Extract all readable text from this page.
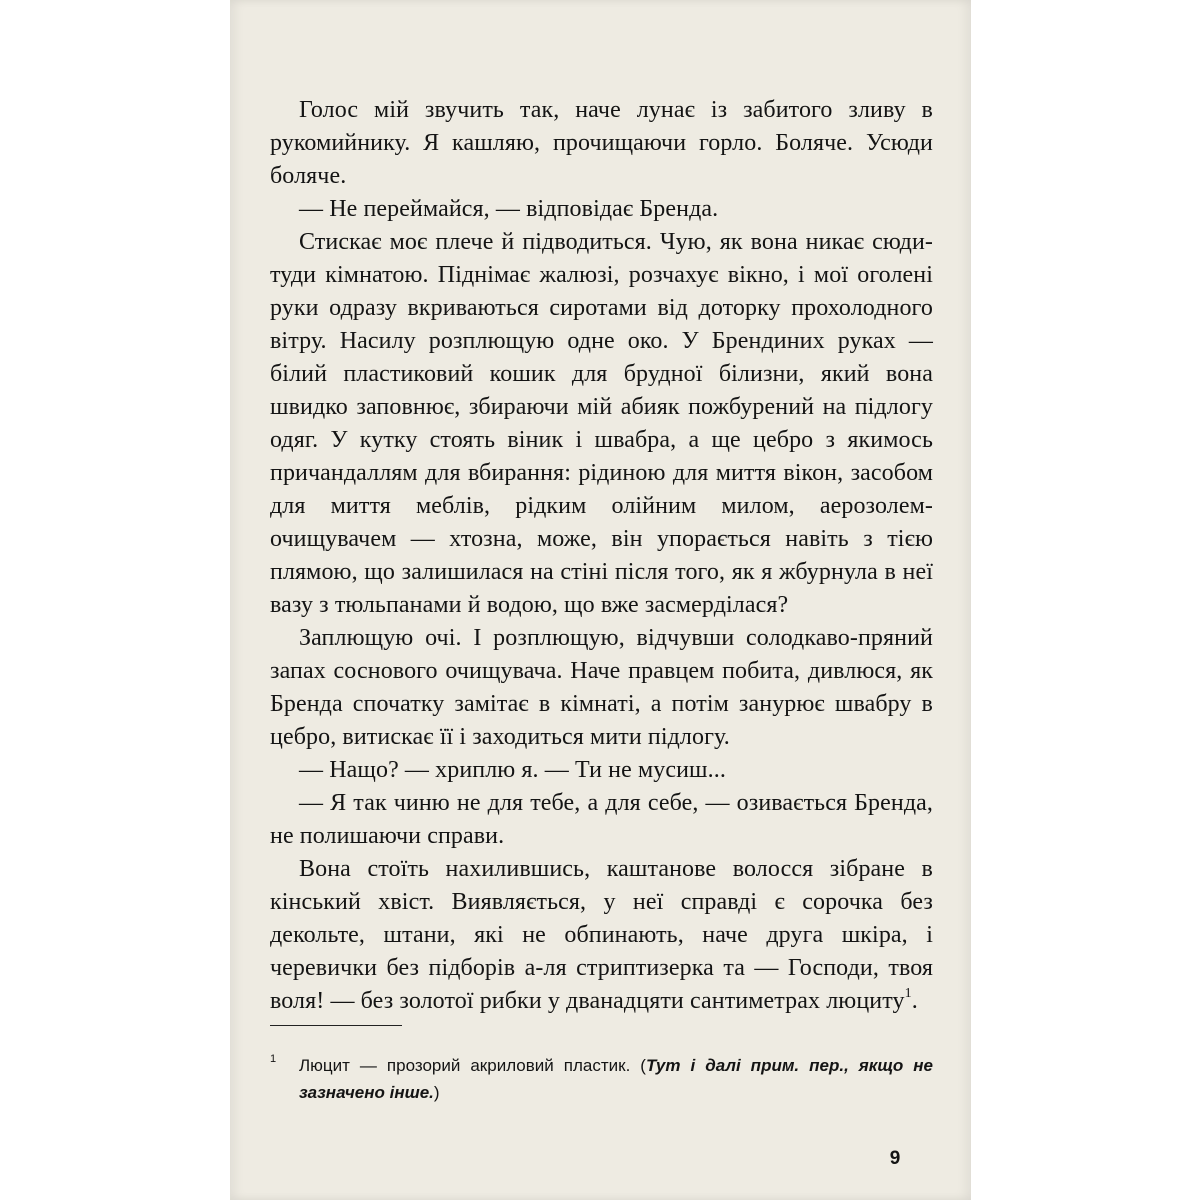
Голос мій звучить так, наче лунає із забитого зливу в рукомийнику. Я кашляю, прочищаючи горло. Боляче. Усюди боляче.

— Не переймайся, — відповідає Бренда.

Стискає моє плече й підводиться. Чую, як вона никає сюди-туди кімнатою. Піднімає жалюзі, розчахує вікно, і мої оголені руки одразу вкриваються сиротами від доторку прохолодного вітру. Насилу розплющую одне око. У Брендиних руках — білий пластиковий кошик для брудної білизни, який вона швидко заповнює, збираючи мій абияк пожбурений на підлогу одяг. У кутку стоять віник і швабра, а ще цебро з якимось причандаллям для вбирання: рідиною для миття вікон, засобом для миття меблів, рідким олійним милом, аерозолем-очищувачем — хтозна, може, він упорається навіть з тією плямою, що залишилася на стіні після того, як я жбурнула в неї вазу з тюльпанами й водою, що вже засмерділася?

Заплющую очі. І розплющую, відчувши солодкаво-пряний запах соснового очищувача. Наче правцем побита, дивлюся, як Бренда спочатку замітає в кімнаті, а потім занурює швабру в цебро, витискає її і заходиться мити підлогу.

— Нащо? — хриплю я. — Ти не мусиш...

— Я так чиню не для тебе, а для себе, — озивається Бренда, не полишаючи справи.

Вона стоїть нахилившись, каштанове волосся зібране в кінський хвіст. Виявляється, у неї справді є сорочка без декольте, штани, які не обпинають, наче друга шкіра, і черевички без підборів а-ля стриптизерка та — Господи, твоя воля! — без золотої рибки у дванадцяти сантиметрах люциту$^1$.

1 Люцит — прозорий акриловий пластик. (Тут і далі прим. пер., якщо не зазначено інше.)
9
